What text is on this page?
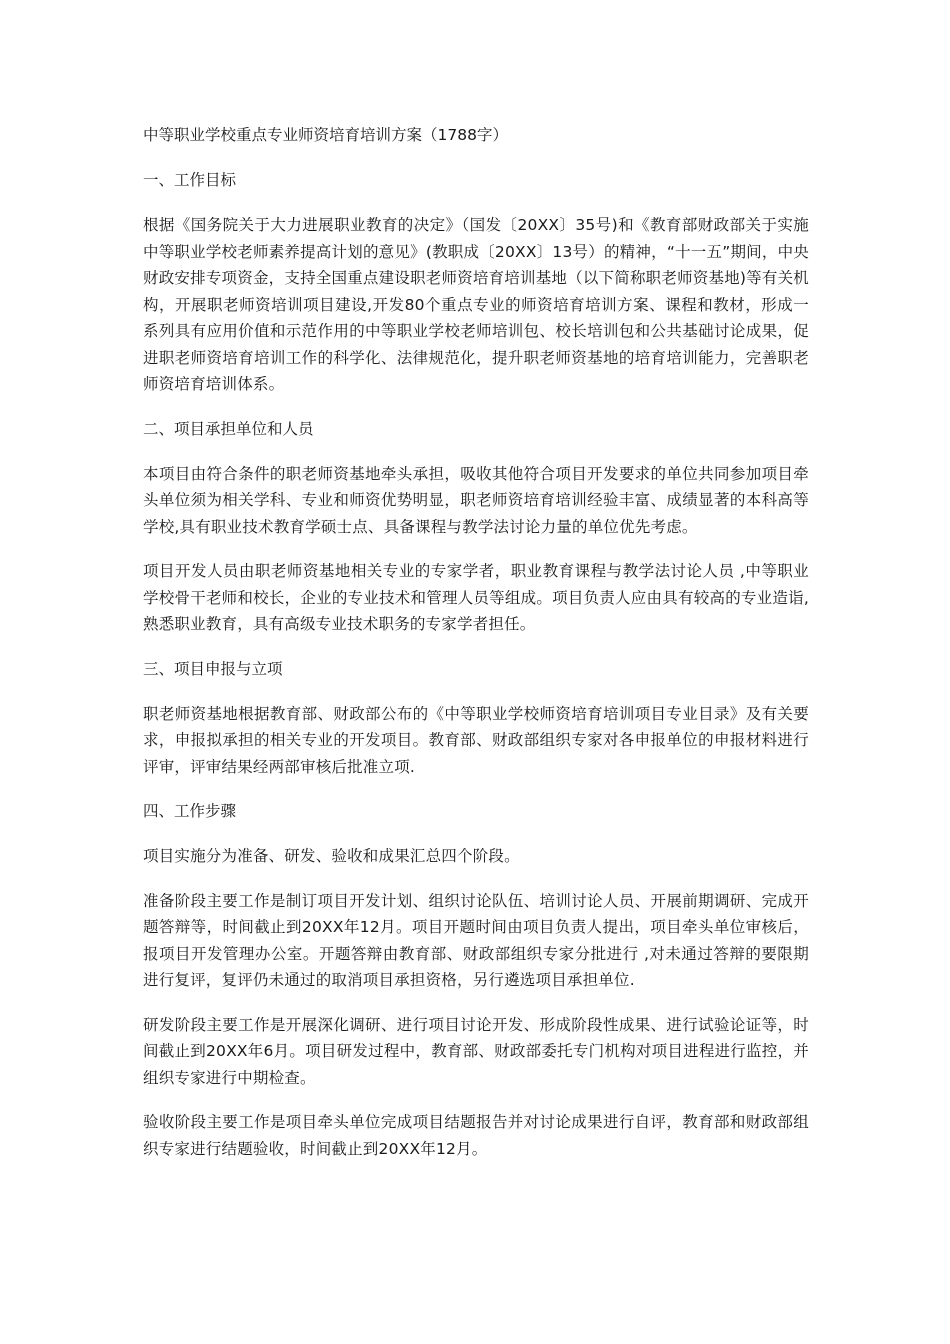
中等职业学校重点专业师资培育培训方案（1788字）

一、工作目标

根据《国务院关于大力进展职业教育的决定》（国发〔20XX〕35号)和《教育部财政部关于实施中等职业学校老师素养提高计划的意见》(教职成〔20XX〕13号）的精神，“十一五”期间，中央财政安排专项资金，支持全国重点建设职老师资培育培训基地（以下简称职老师资基地)等有关机构，开展职老师资培训项目建设,开发80个重点专业的师资培育培训方案、课程和教材，形成一系列具有应用价值和示范作用的中等职业学校老师培训包、校长培训包和公共基础讨论成果，促进职老师资培育培训工作的科学化、法律规范化，提升职老师资基地的培育培训能力，完善职老师资培育培训体系。

二、项目承担单位和人员

本项目由符合条件的职老师资基地牵头承担，吸收其他符合项目开发要求的单位共同参加项目牵头单位须为相关学科、专业和师资优势明显，职老师资培育培训经验丰富、成绩显著的本科高等学校,具有职业技术教育学硕士点、具备课程与教学法讨论力量的单位优先考虑。

项目开发人员由职老师资基地相关专业的专家学者，职业教育课程与教学法讨论人员 ,中等职业学校骨干老师和校长，企业的专业技术和管理人员等组成。项目负责人应由具有较高的专业造诣,熟悉职业教育，具有高级专业技术职务的专家学者担任。

三、项目申报与立项

职老师资基地根据教育部、财政部公布的《中等职业学校师资培育培训项目专业目录》及有关要求，申报拟承担的相关专业的开发项目。教育部、财政部组织专家对各申报单位的申报材料进行评审，评审结果经两部审核后批准立项.

四、工作步骤

项目实施分为准备、研发、验收和成果汇总四个阶段。

准备阶段主要工作是制订项目开发计划、组织讨论队伍、培训讨论人员、开展前期调研、完成开题答辩等，时间截止到20XX年12月。项目开题时间由项目负责人提出，项目牵头单位审核后，报项目开发管理办公室。开题答辩由教育部、财政部组织专家分批进行 ,对未通过答辩的要限期进行复评，复评仍未通过的取消项目承担资格，另行遴选项目承担单位.

研发阶段主要工作是开展深化调研、进行项目讨论开发、形成阶段性成果、进行试验论证等，时间截止到20XX年6月。项目研发过程中，教育部、财政部委托专门机构对项目进程进行监控，并组织专家进行中期检查。

验收阶段主要工作是项目牵头单位完成项目结题报告并对讨论成果进行自评，教育部和财政部组织专家进行结题验收，时间截止到20XX年12月。
